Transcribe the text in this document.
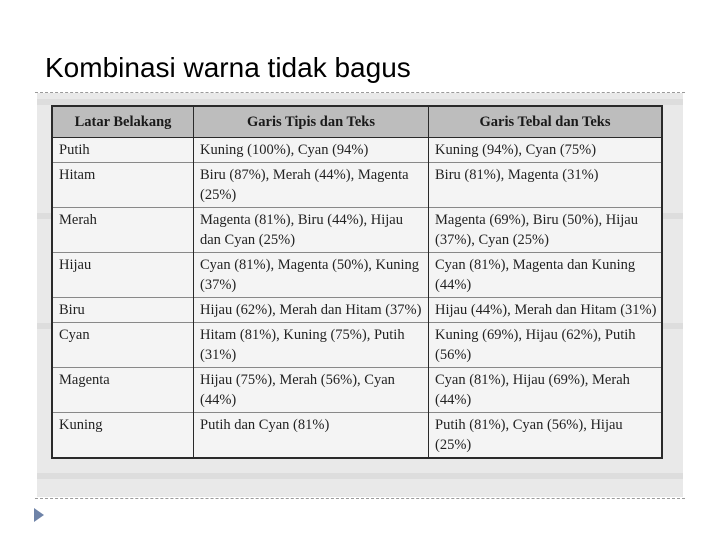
Kombinasi warna tidak bagus
Latar Belakang	Garis Tipis dan Teks	Garis Tebal dan Teks
Putih	Kuning (100%), Cyan (94%)	Kuning (94%), Cyan (75%)
Hitam	Biru (87%), Merah (44%), Magenta (25%)	Biru (81%), Magenta (31%)
Merah	Magenta (81%), Biru (44%), Hijau dan Cyan (25%)	Magenta (69%), Biru (50%), Hijau (37%), Cyan (25%)
Hijau	Cyan (81%), Magenta (50%), Kuning (37%)	Cyan (81%), Magenta dan Kuning (44%)
Biru	Hijau (62%), Merah dan Hitam (37%)	Hijau (44%), Merah dan Hitam (31%)
Cyan	Hitam (81%), Kuning (75%), Putih (31%)	Kuning (69%), Hijau (62%), Putih (56%)
Magenta	Hijau (75%), Merah (56%), Cyan (44%)	Cyan (81%), Hijau (69%), Merah (44%)
Kuning	Putih dan Cyan (81%)	Putih (81%), Cyan (56%), Hijau (25%)
